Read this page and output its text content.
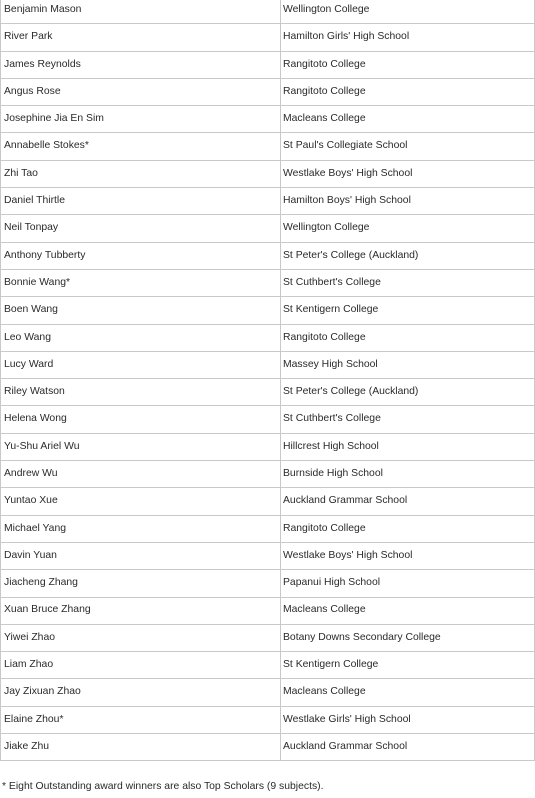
Benjamin Mason	Wellington College
River Park	Hamilton Girls' High School
James Reynolds	Rangitoto College
Angus Rose	Rangitoto College
Josephine Jia En Sim	Macleans College
Annabelle Stokes*	St Paul's Collegiate School
Zhi Tao	Westlake Boys' High School
Daniel Thirtle	Hamilton Boys' High School
Neil Tonpay	Wellington College
Anthony Tubberty	St Peter's College (Auckland)
Bonnie Wang*	St Cuthbert's College
Boen Wang	St Kentigern College
Leo Wang	Rangitoto College
Lucy Ward	Massey High School
Riley Watson	St Peter's College (Auckland)
Helena Wong	St Cuthbert's College
Yu-Shu Ariel Wu	Hillcrest High School
Andrew Wu	Burnside High School
Yuntao Xue	Auckland Grammar School
Michael Yang	Rangitoto College
Davin Yuan	Westlake Boys' High School
Jiacheng Zhang	Papanui High School
Xuan Bruce Zhang	Macleans College
Yiwei Zhao	Botany Downs Secondary College
Liam Zhao	St Kentigern College
Jay Zixuan Zhao	Macleans College
Elaine Zhou*	Westlake Girls' High School
Jiake Zhu	Auckland Grammar School
* Eight Outstanding award winners are also Top Scholars (9 subjects).
